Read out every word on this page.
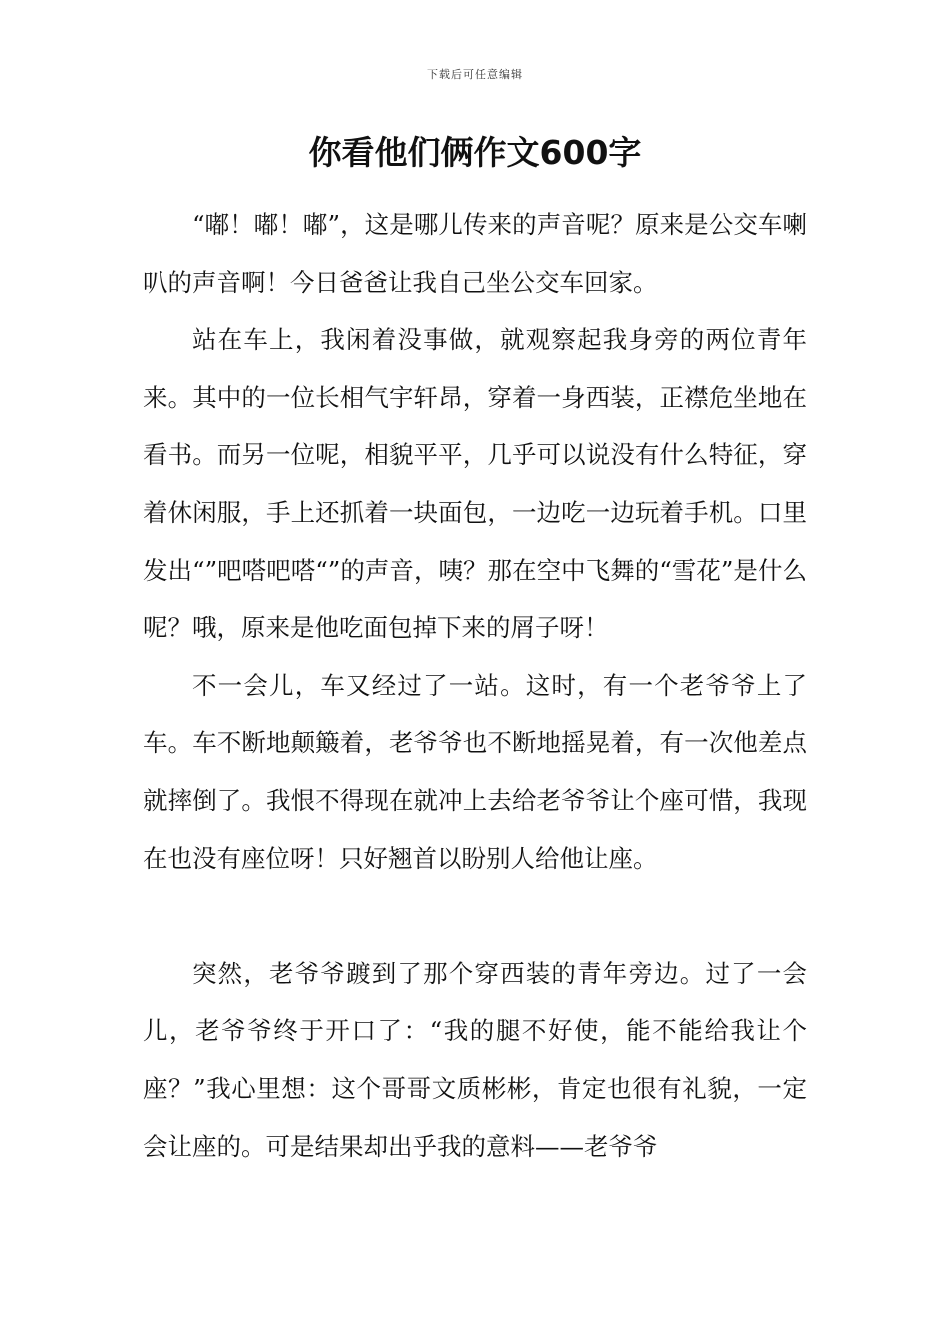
下载后可任意编辑
你看他们俩作文600字

“嘟！嘟！嘟”，这是哪儿传来的声音呢？原来是公交车喇叭的声音啊！今日爸爸让我自己坐公交车回家。

站在车上，我闲着没事做，就观察起我身旁的两位青年来。其中的一位长相气宇轩昂，穿着一身西装，正襟危坐地在看书。而另一位呢，相貌平平，几乎可以说没有什么特征，穿着休闲服，手上还抓着一块面包，一边吃一边玩着手机。口里发出“”吧嗒吧嗒“”的声音，咦？那在空中飞舞的“雪花”是什么呢？哦，原来是他吃面包掉下来的屑子呀！

不一会儿，车又经过了一站。这时，有一个老爷爷上了车。车不断地颠簸着，老爷爷也不断地摇晃着，有一次他差点就摔倒了。我恨不得现在就冲上去给老爷爷让个座可惜，我现在也没有座位呀！只好翘首以盼别人给他让座。

突然，老爷爷踱到了那个穿西装的青年旁边。过了一会儿，老爷爷终于开口了：“我的腿不好使，能不能给我让个座？”我心里想：这个哥哥文质彬彬，肯定也很有礼貌，一定会让座的。可是结果却出乎我的意料——老爷爷
